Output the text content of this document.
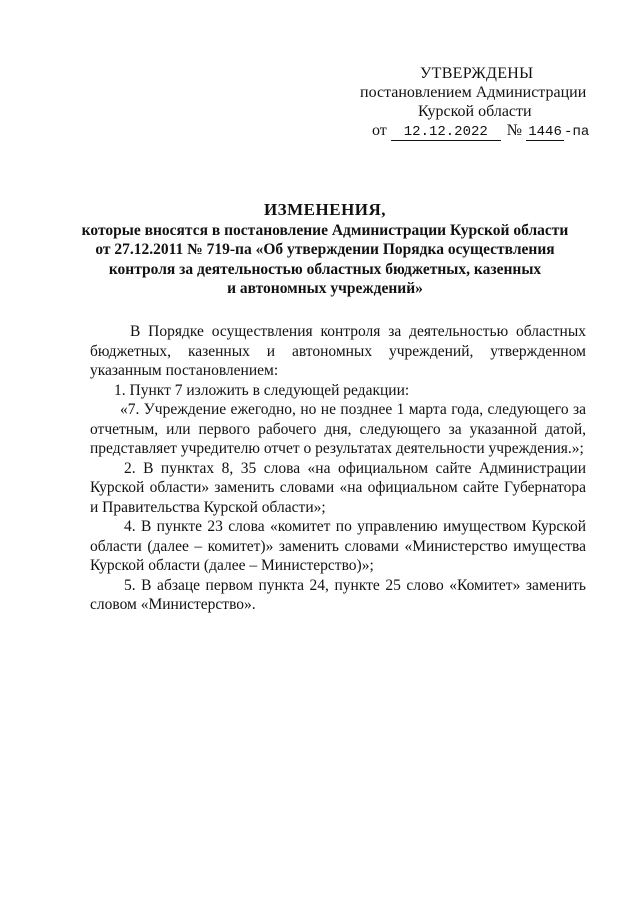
УТВЕРЖДЕНЫ
постановлением Администрации
Курской области
от 12.12.2022 № 1446 -па
ИЗМЕНЕНИЯ,
которые вносятся в постановление Администрации Курской области
от 27.12.2011 № 719-па «Об утверждении Порядка осуществления
контроля за деятельностью областных бюджетных, казенных
и автономных учреждений»

В Порядке осуществления контроля за деятельностью областных бюджетных, казенных и автономных учреждений, утвержденном указанным постановлением:

1. Пункт 7 изложить в следующей редакции:

«7. Учреждение ежегодно, но не позднее 1 марта года, следующего за отчетным, или первого рабочего дня, следующего за указанной датой, представляет учредителю отчет о результатах деятельности учреждения.»;

2. В пунктах 8, 35 слова «на официальном сайте Администрации Курской области» заменить словами «на официальном сайте Губернатора и Правительства Курской области»;

4. В пункте 23 слова «комитет по управлению имуществом Курской области (далее – комитет)» заменить словами «Министерство имущества Курской области (далее – Министерство)»;

5. В абзаце первом пункта 24, пункте 25 слово «Комитет» заменить словом «Министерство».
